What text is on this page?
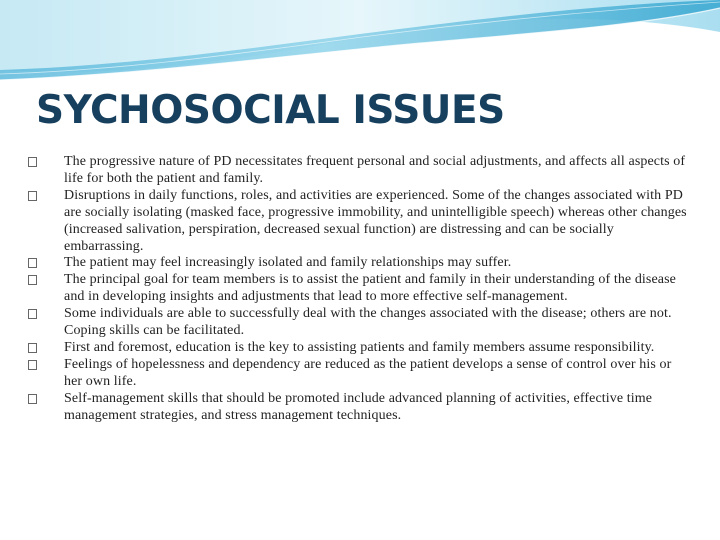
SYCHOSOCIAL ISSUES
The progressive nature of PD necessitates frequent personal and social adjustments, and affects all aspects of life for both the patient and family.
Disruptions in daily functions, roles, and activities are experienced. Some of the changes associated with PD are socially isolating (masked face, progressive immobility, and unintelligible speech) whereas other changes (increased salivation, perspiration, decreased sexual function) are distressing and can be socially embarrassing.
The patient may feel increasingly isolated and family relationships may suffer.
The principal goal for team members is to assist the patient and family in their understanding of the disease and in developing insights and adjustments that lead to more effective self-management.
Some individuals are able to successfully deal with the changes associated with the disease; others are not. Coping skills can be facilitated.
First and foremost, education is the key to assisting patients and family members assume responsibility.
Feelings of hopelessness and dependency are reduced as the patient develops a sense of control over his or her own life.
Self-management skills that should be promoted include advanced planning of activities, effective time management strategies, and stress management techniques.
